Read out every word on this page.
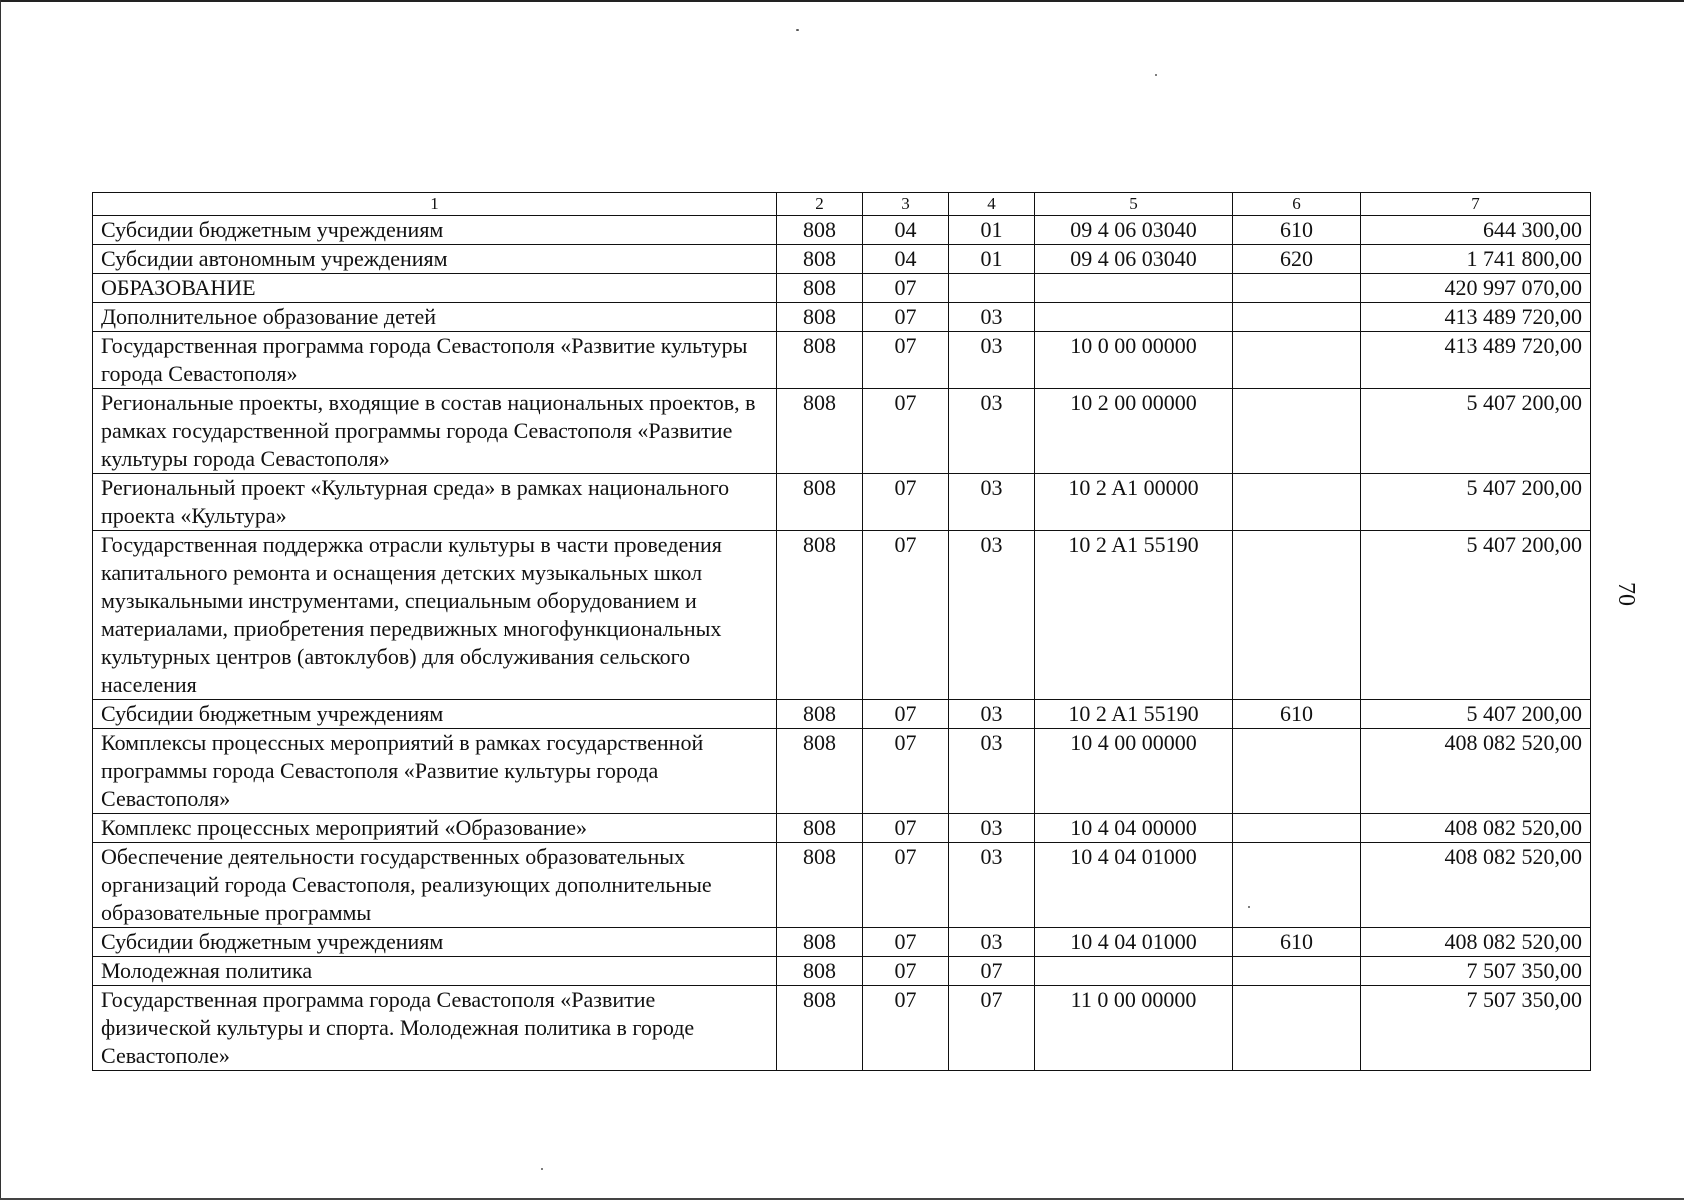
1	2	3	4	5	6	7
Субсидии бюджетным учреждениям	808	04	01	09 4 06 03040	610	644 300,00
Субсидии автономным учреждениям	808	04	01	09 4 06 03040	620	1 741 800,00
ОБРАЗОВАНИЕ	808	07				420 997 070,00
Дополнительное образование детей	808	07	03			413 489 720,00
Государственная программа города Севастополя «Развитие культуры города Севастополя»	808	07	03	10 0 00 00000		413 489 720,00
Региональные проекты, входящие в состав национальных проектов, в рамках государственной программы города Севастополя «Развитие культуры города Севастополя»	808	07	03	10 2 00 00000		5 407 200,00
Региональный проект «Культурная среда» в рамках национального проекта «Культура»	808	07	03	10 2 A1 00000		5 407 200,00
Государственная поддержка отрасли культуры в части проведения капитального ремонта и оснащения детских музыкальных школ музыкальными инструментами, специальным оборудованием и материалами, приобретения передвижных многофункциональных культурных центров (автоклубов) для обслуживания сельского населения	808	07	03	10 2 A1 55190		5 407 200,00
Субсидии бюджетным учреждениям	808	07	03	10 2 A1 55190	610	5 407 200,00
Комплексы процессных мероприятий в рамках государственной программы города Севастополя «Развитие культуры города Севастополя»	808	07	03	10 4 00 00000		408 082 520,00
Комплекс процессных мероприятий «Образование»	808	07	03	10 4 04 00000		408 082 520,00
Обеспечение деятельности государственных образовательных организаций города Севастополя, реализующих дополнительные образовательные программы	808	07	03	10 4 04 01000		408 082 520,00
Субсидии бюджетным учреждениям	808	07	03	10 4 04 01000	610	408 082 520,00
Молодежная политика	808	07	07			7 507 350,00
Государственная программа города Севастополя «Развитие физической культуры и спорта. Молодежная политика в городе Севастополе»	808	07	07	11 0 00 00000		7 507 350,00
70
